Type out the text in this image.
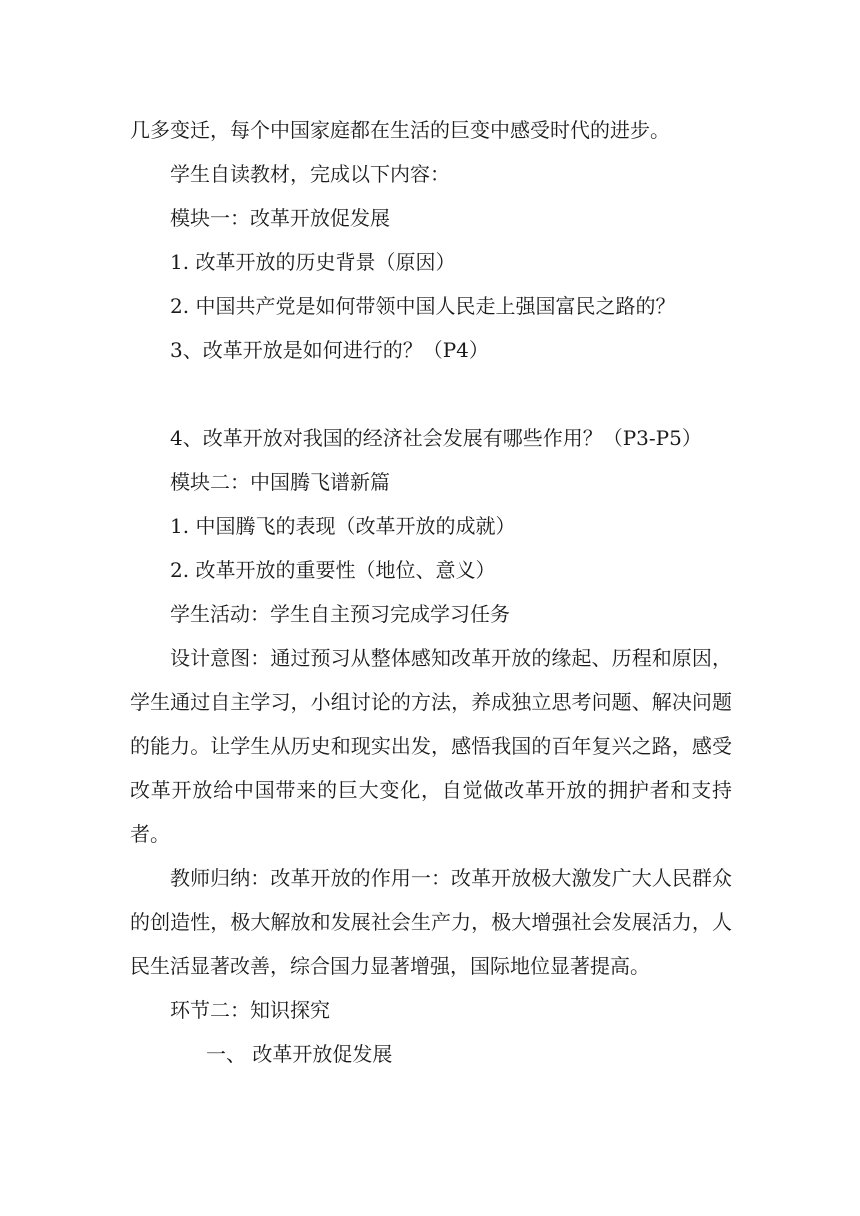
几多变迁，每个中国家庭都在生活的巨变中感受时代的进步。

学生自读教材，完成以下内容：

模块一：改革开放促发展

1. 改革开放的历史背景（原因）

2. 中国共产党是如何带领中国人民走上强国富民之路的？

3、改革开放是如何进行的？（P4）

4、改革开放对我国的经济社会发展有哪些作用？（P3-P5）

模块二：中国腾飞谱新篇

1. 中国腾飞的表现（改革开放的成就）

2. 改革开放的重要性（地位、意义）

学生活动：学生自主预习完成学习任务

设计意图：通过预习从整体感知改革开放的缘起、历程和原因，学生通过自主学习，小组讨论的方法，养成独立思考问题、解决问题的能力。让学生从历史和现实出发，感悟我国的百年复兴之路，感受改革开放给中国带来的巨大变化，自觉做改革开放的拥护者和支持者。

教师归纳：改革开放的作用一：改革开放极大激发广大人民群众的创造性，极大解放和发展社会生产力，极大增强社会发展活力，人民生活显著改善，综合国力显著增强，国际地位显著提高。

环节二：知识探究

一、 改革开放促发展
